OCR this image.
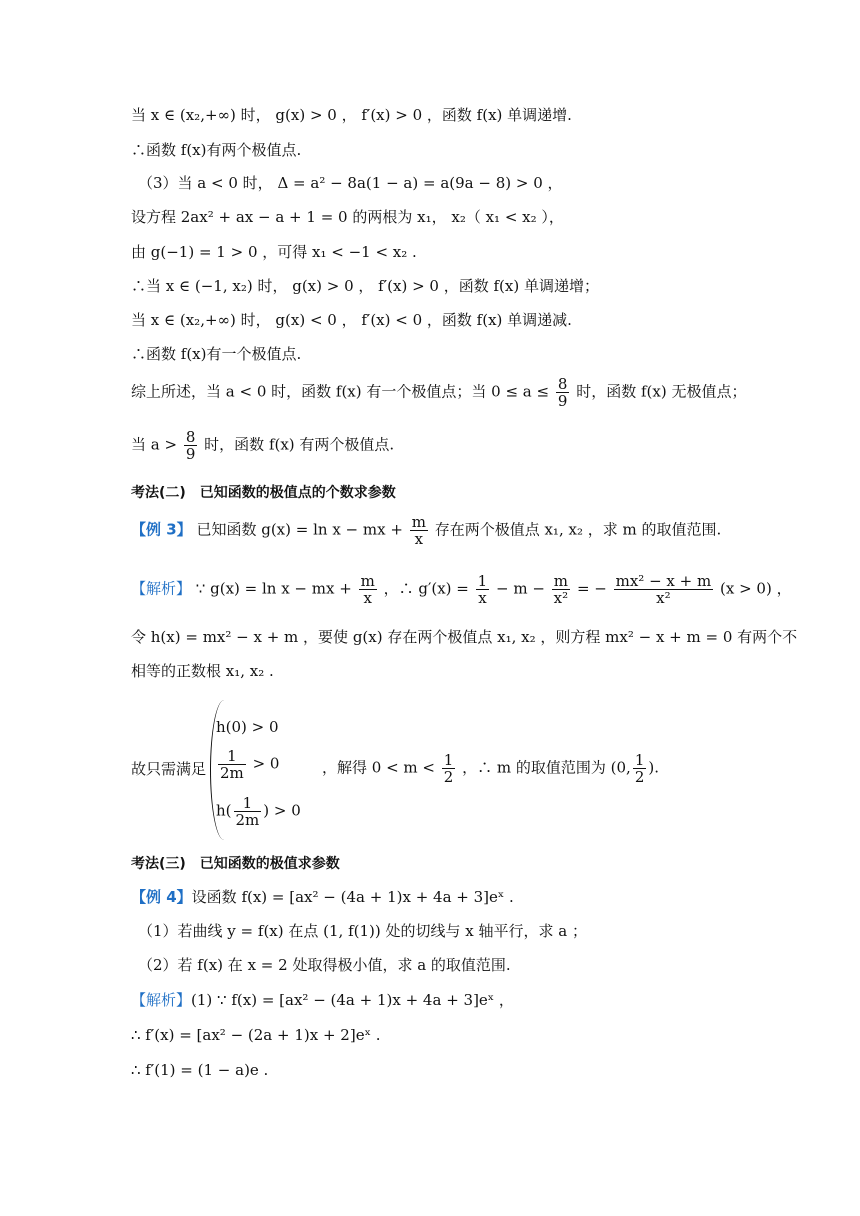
当 x ∈ (x₂,+∞) 时， g(x) > 0 ， f′(x) > 0 ，函数 f(x) 单调递增.
∴函数 f(x)有两个极值点.
（3）当 a < 0 时， Δ = a² − 8a(1 − a) = a(9a − 8) > 0 ，
设方程 2ax² + ax − a + 1 = 0 的两根为 x₁， x₂（ x₁ < x₂ ），
由 g(−1) = 1 > 0 ，可得 x₁ < −1 < x₂ .
∴当 x ∈ (−1, x₂) 时， g(x) > 0 ， f′(x) > 0 ，函数 f(x) 单调递增；
当 x ∈ (x₂,+∞) 时， g(x) < 0 ， f′(x) < 0 ，函数 f(x) 单调递减.
∴函数 f(x)有一个极值点.
综上所述，当 a < 0 时，函数 f(x) 有一个极值点；当 $0 \le a \le \frac{8}{9}$ 时，函数 f(x) 无极值点；
当 $a > \frac{8}{9}$ 时，函数 f(x) 有两个极值点.
考法(二)　已知函数的极值点的个数求参数
【例 3】 已知函数 g(x) = ln x − mx + $\frac{m}{x}$ 存在两个极值点 x₁, x₂ ，求 m 的取值范围.
【解析】 ∵ g(x) = ln x − mx + $\frac{m}{x}$ ，∴ $g'(x) = \frac{1}{x} - m - \frac{m}{\text{x²}}$ = − $\frac{\text{mx² − x + m}}{\text{x²}} (x > 0)$ ，
令 h(x) = mx² − x + m ，要使 g(x) 存在两个极值点 x₁, x₂ ，则方程 mx² − x + m = 0 有两个不
相等的正数根 x₁, x₂ .
h(0) > 0
$\frac{1}{2m} > 0$
$h( \frac{1}{2m}$ ) > 0
故只需满足	，解得 $0 < m < \frac{1}{2}$ ，∴ m 的取值范围为 (0, $\frac{1}{2}$ ).
考法(三)　已知函数的极值求参数
【例 4】设函数 f(x) = [ax² − (4a + 1)x + 4a + 3]eˣ .
（1）若曲线 y = f(x) 在点 (1, f(1)) 处的切线与 x 轴平行，求 a ；
（2）若 f(x) 在 x = 2 处取得极小值，求 a 的取值范围.
【解析】(1) ∵ f(x) = [ax² − (4a + 1)x + 4a + 3]eˣ ，
∴ f′(x) = [ax² − (2a + 1)x + 2]eˣ .
∴ f′(1) = (1 − a)e .
